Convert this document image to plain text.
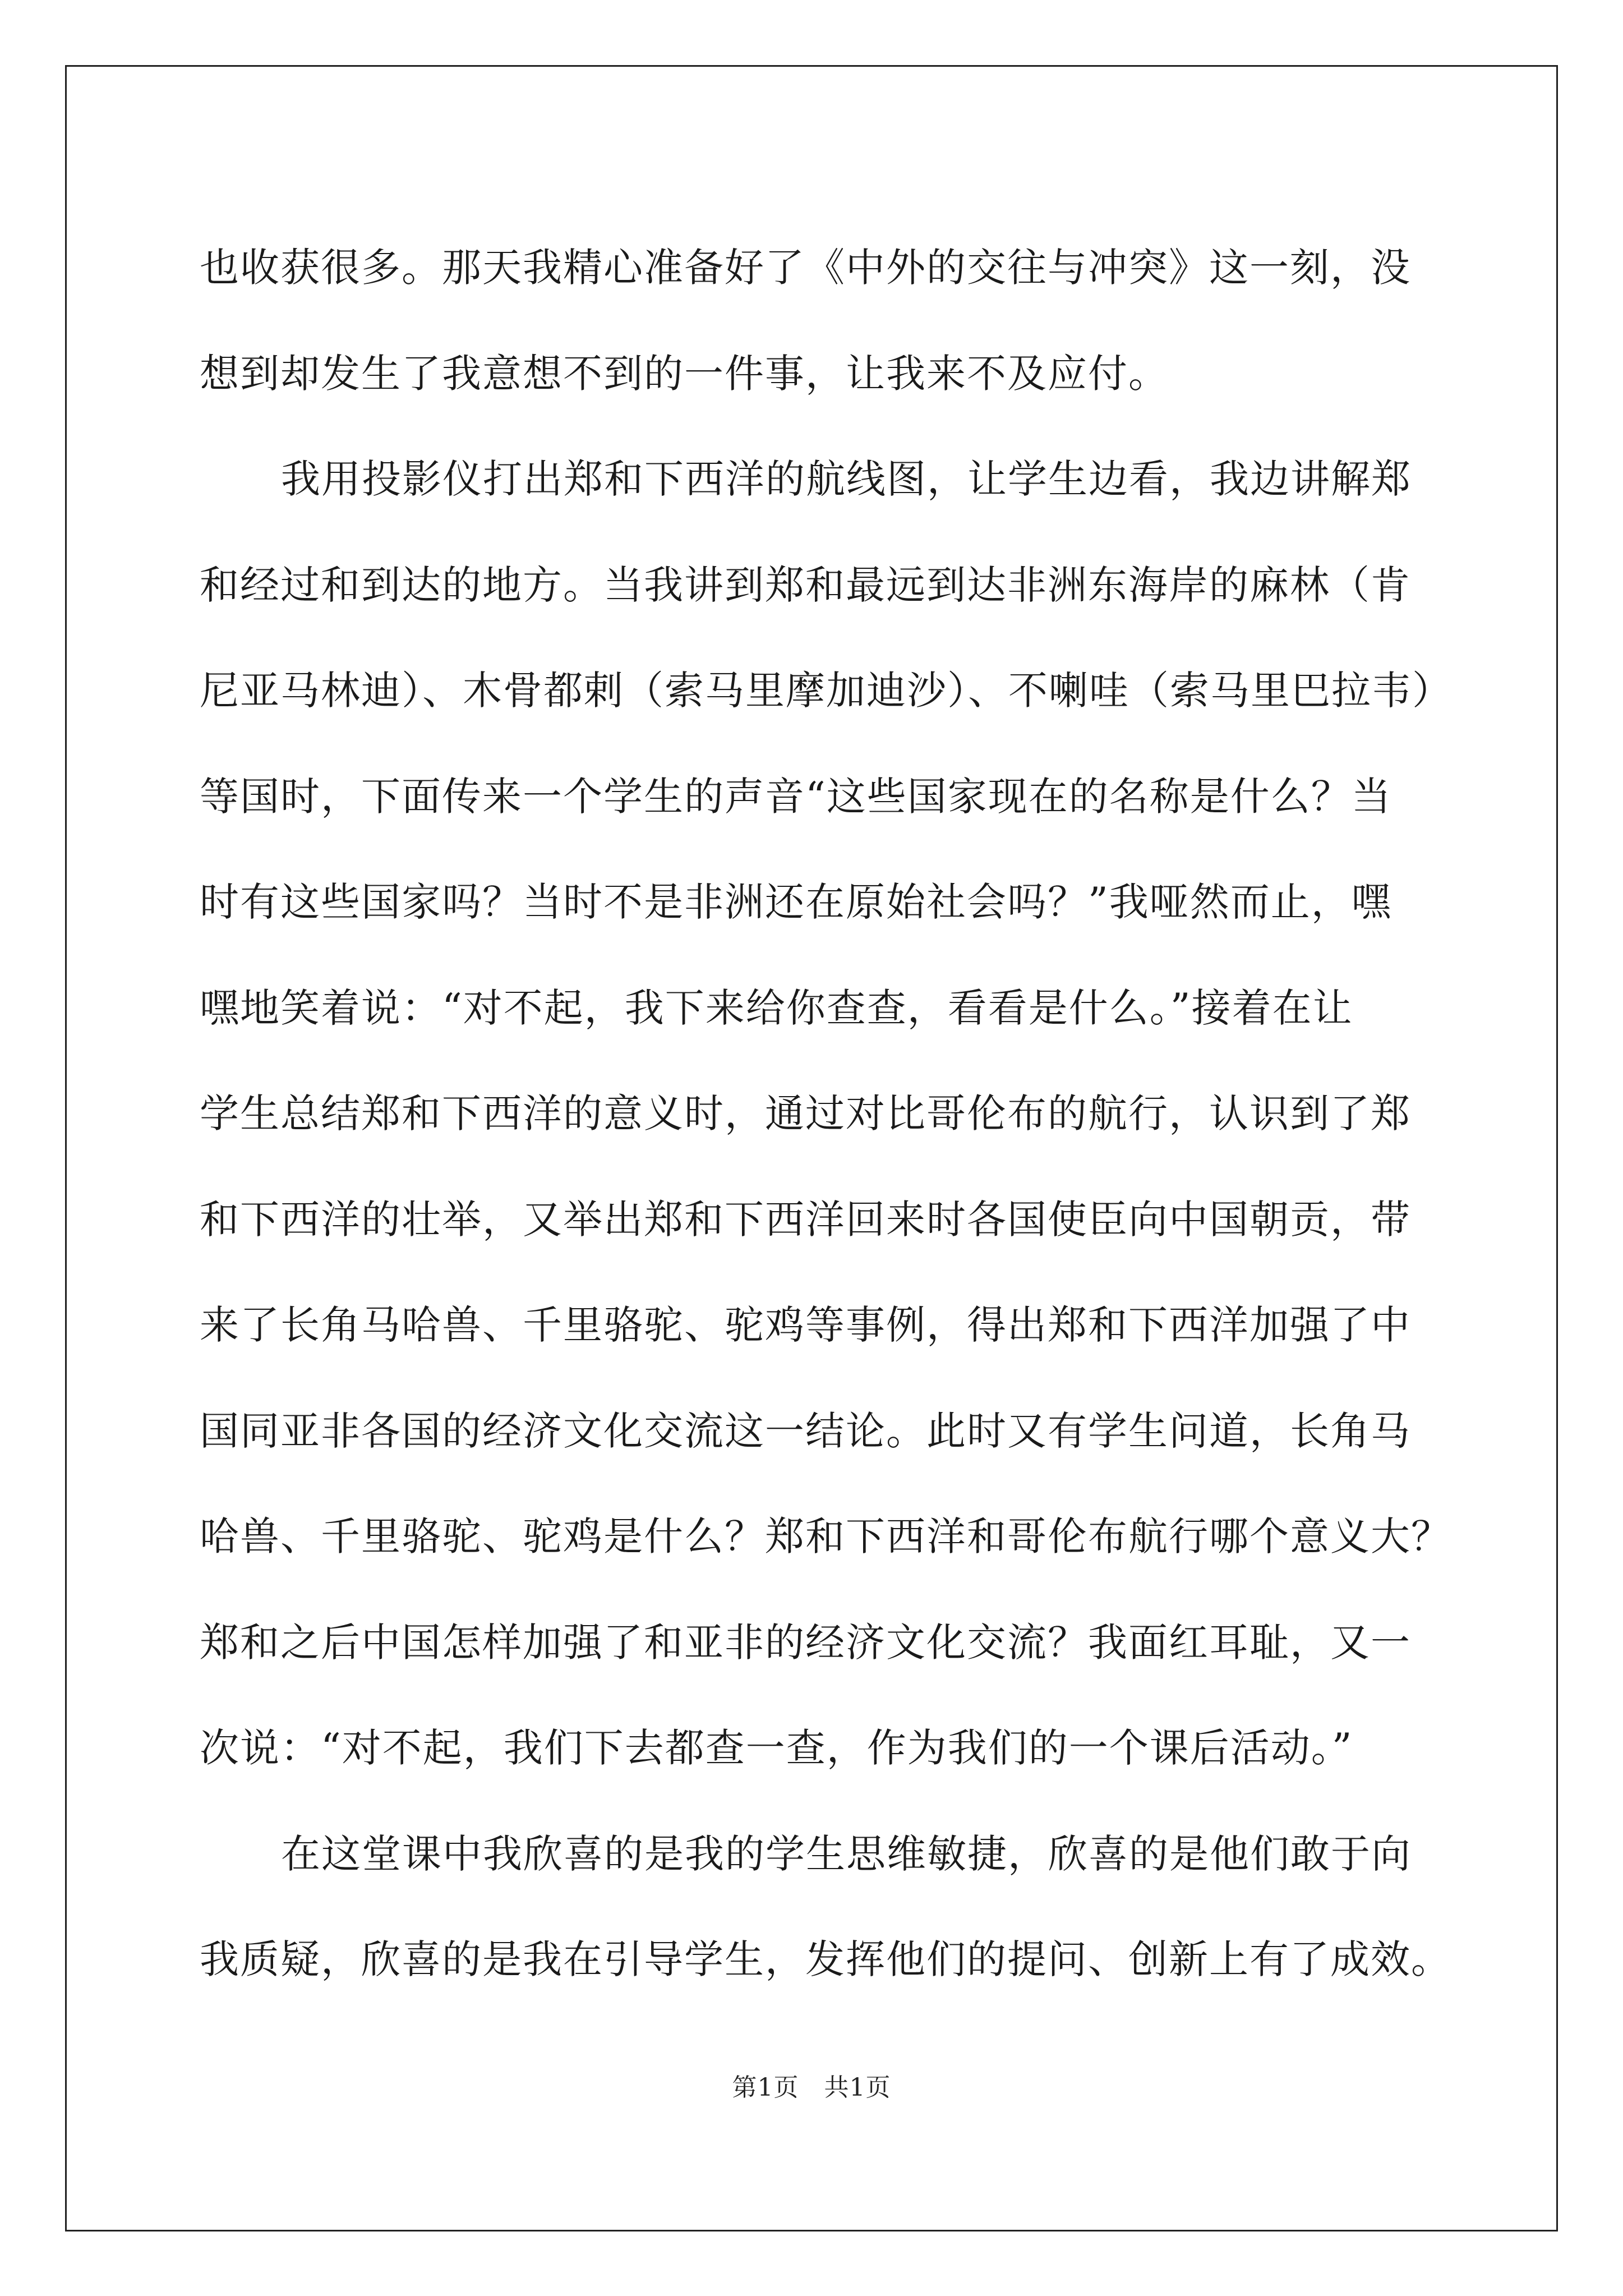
也收获很多。那天我精心准备好了《中外的交往与冲突》这一刻，没
想到却发生了我意想不到的一件事，让我来不及应付。
我用投影仪打出郑和下西洋的航线图，让学生边看，我边讲解郑
和经过和到达的地方。当我讲到郑和最远到达非洲东海岸的麻林（肯
尼亚马林迪）、木骨都剌（索马里摩加迪沙）、不喇哇（索马里巴拉韦）
等国时，下面传来一个学生的声音“这些国家现在的名称是什么？当
时有这些国家吗？当时不是非洲还在原始社会吗？”我哑然而止，嘿
嘿地笑着说：“对不起，我下来给你查查，看看是什么。”接着在让
学生总结郑和下西洋的意义时，通过对比哥伦布的航行，认识到了郑
和下西洋的壮举，又举出郑和下西洋回来时各国使臣向中国朝贡，带
来了长角马哈兽、千里骆驼、驼鸡等事例，得出郑和下西洋加强了中
国同亚非各国的经济文化交流这一结论。此时又有学生问道，长角马
哈兽、千里骆驼、驼鸡是什么？郑和下西洋和哥伦布航行哪个意义大？
郑和之后中国怎样加强了和亚非的经济文化交流？我面红耳耻，又一
次说：“对不起，我们下去都查一查，作为我们的一个课后活动。”
在这堂课中我欣喜的是我的学生思维敏捷，欣喜的是他们敢于向
我质疑，欣喜的是我在引导学生，发挥他们的提问、创新上有了成效。
第1页　共1页
